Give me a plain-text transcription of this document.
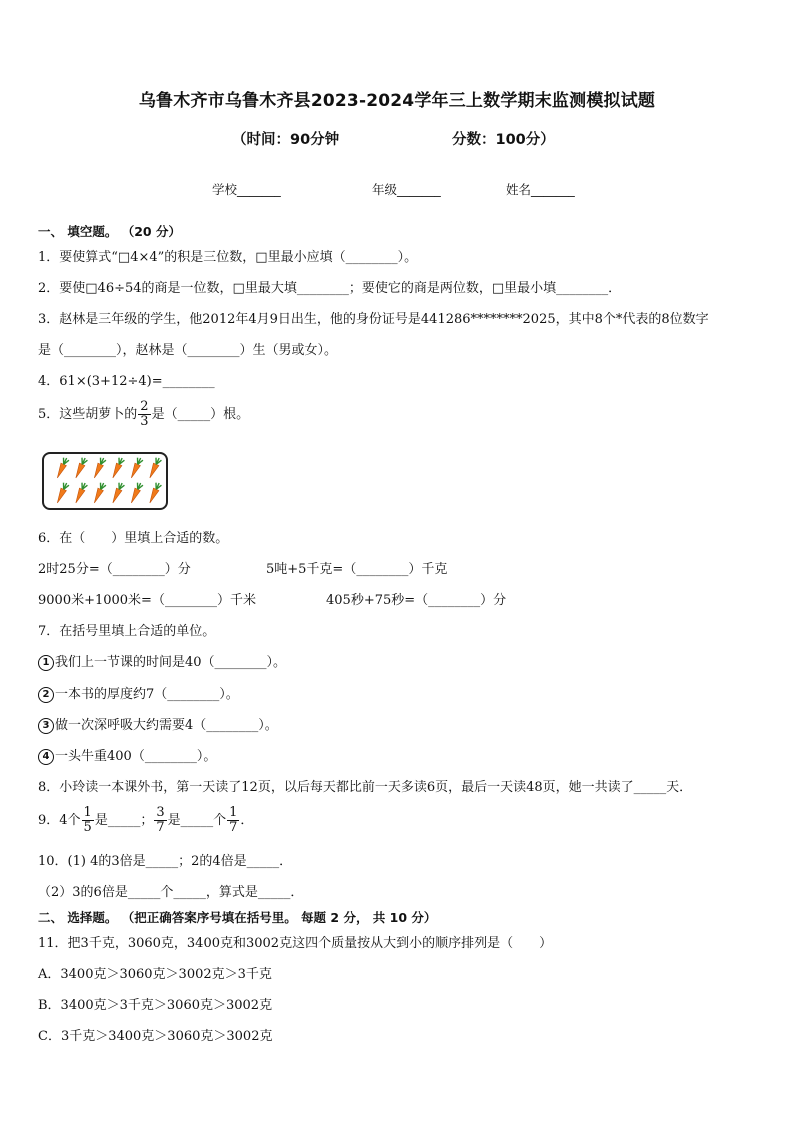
乌鲁木齐市乌鲁木齐县2023-2024学年三上数学期末监测模拟试题
（时间：90分钟	分数：100分）
学校_______	年级_______	姓名_______
一、 填空题。 （20 分）
1．要使算式“□4×4”的积是三位数，□里最小应填（________）。
2．要使□46÷54的商是一位数，□里最大填________；要使它的商是两位数，□里最小填________．
3．赵林是三年级的学生，他2012年4月9日出生，他的身份证号是441286********2025，其中8个*代表的8位数字
是（________），赵林是（________）生（男或女）。
4．61×(3+12÷4)=________
5．这些胡萝卜的 $\frac{2}{3}$ 是（_____）根。
6．在（　　）里填上合适的数。
2时25分=（________）分	5吨+5千克=（________）千克
9000米+1000米=（________）千米	405秒+75秒=（________）分
7．在括号里填上合适的单位。
1 我们上一节课的时间是40（________）。
2 一本书的厚度约7（________）。
3 做一次深呼吸大约需要4（________）。
4 一头牛重400（________）。
8．小玲读一本课外书，第一天读了12页，以后每天都比前一天多读6页，最后一天读48页，她一共读了_____天．
9．4个 $\frac{1}{5}$ 是_____； $\frac{3}{7}$ 是_____个 $\frac{1}{7}$ ．
10．(1) 4的3倍是_____；2的4倍是_____．
（2）3的6倍是_____个_____，算式是_____．
二、 选择题。 （把正确答案序号填在括号里。 每题 2 分， 共 10 分）
11．把3千克，3060克，3400克和3002克这四个质量按从大到小的顺序排列是（　　）
A．3400克＞3060克＞3002克＞3千克
B．3400克＞3千克＞3060克＞3002克
C．3千克＞3400克＞3060克＞3002克
